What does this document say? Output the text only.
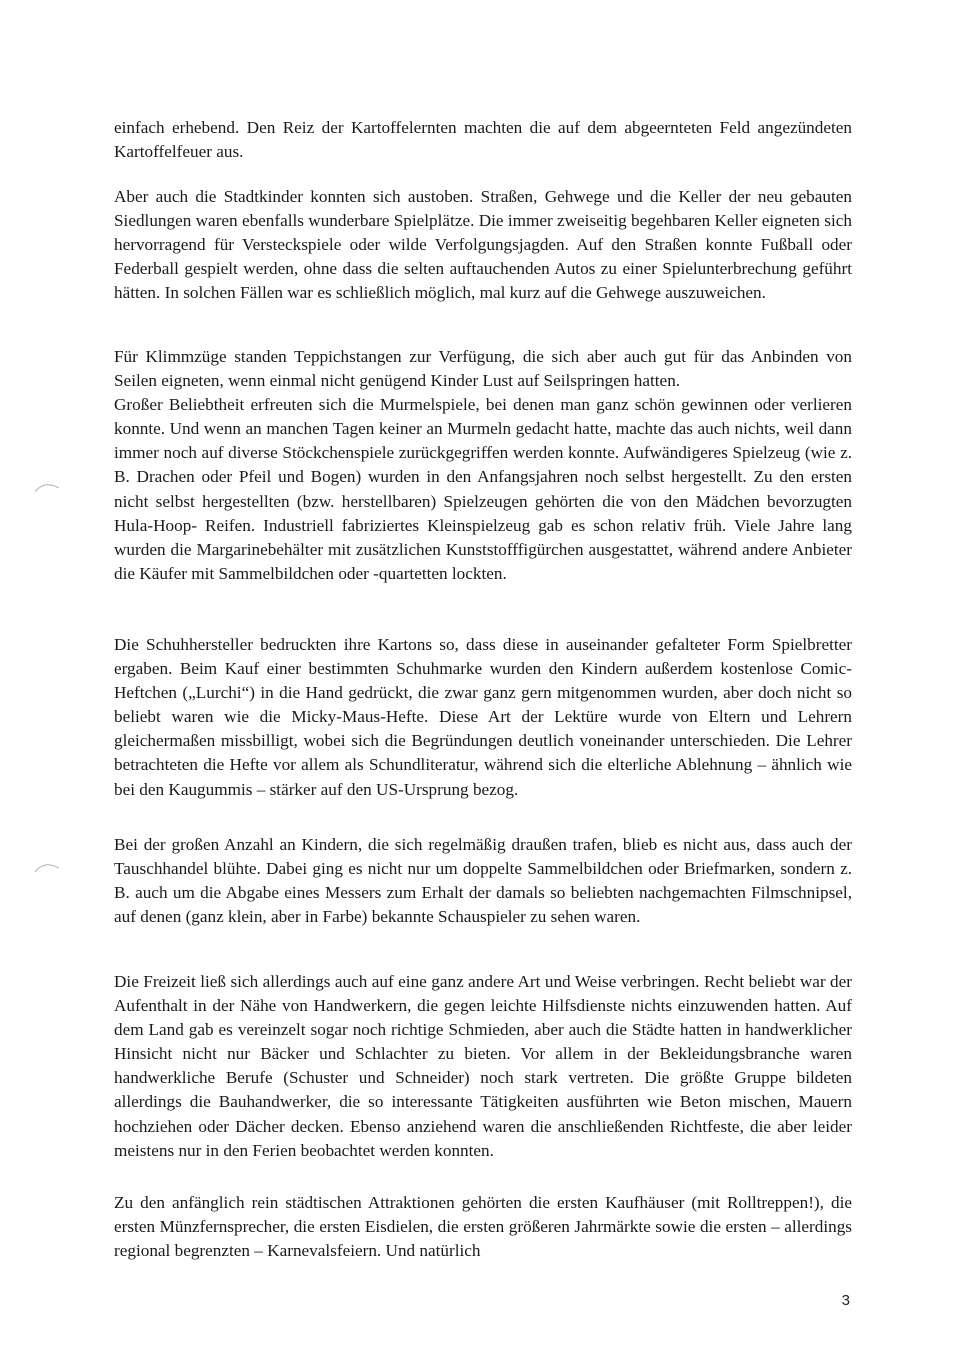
einfach erhebend. Den Reiz der Kartoffelernten machten die auf dem abgeernteten Feld angezündeten Kartoffelfeuer aus.

Aber auch die Stadtkinder konnten sich austoben. Straßen, Gehwege und die Keller der neu gebauten Siedlungen waren ebenfalls wunderbare Spielplätze. Die immer zweiseitig begehbaren Keller eigneten sich hervorragend für Versteckspiele oder wilde Verfolgungsjagden. Auf den Straßen konnte Fußball oder Federball gespielt werden, ohne dass die selten auftauchenden Autos zu einer Spielunterbrechung geführt hätten. In solchen Fällen war es schließlich möglich, mal kurz auf die Gehwege auszuweichen.

Für Klimmzüge standen Teppichstangen zur Verfügung, die sich aber auch gut für das Anbinden von Seilen eigneten, wenn einmal nicht genügend Kinder Lust auf Seilspringen hatten.

Großer Beliebtheit erfreuten sich die Murmelspiele, bei denen man ganz schön gewinnen oder verlieren konnte. Und wenn an manchen Tagen keiner an Murmeln gedacht hatte, machte das auch nichts, weil dann immer noch auf diverse Stöckchenspiele zurückgegriffen werden konnte. Aufwändigeres Spielzeug (wie z. B. Drachen oder Pfeil und Bogen) wurden in den Anfangsjahren noch selbst hergestellt. Zu den ersten nicht selbst hergestellten (bzw. herstellbaren) Spielzeugen gehörten die von den Mädchen bevorzugten Hula-Hoop- Reifen. Industriell fabriziertes Kleinspielzeug gab es schon relativ früh. Viele Jahre lang wurden die Margarinebehälter mit zusätzlichen Kunststofffigürchen ausgestattet, während andere Anbieter die Käufer mit Sammelbildchen oder -quartetten lockten.

Die Schuhhersteller bedruckten ihre Kartons so, dass diese in auseinander gefalteter Form Spielbretter ergaben. Beim Kauf einer bestimmten Schuhmarke wurden den Kindern außerdem kostenlose Comic-Heftchen („Lurchi“) in die Hand gedrückt, die zwar ganz gern mitgenommen wurden, aber doch nicht so beliebt waren wie die Micky-Maus-Hefte. Diese Art der Lektüre wurde von Eltern und Lehrern gleichermaßen missbilligt, wobei sich die Begründungen deutlich voneinander unterschieden. Die Lehrer betrachteten die Hefte vor allem als Schundliteratur, während sich die elterliche Ablehnung – ähnlich wie bei den Kaugummis – stärker auf den US-Ursprung bezog.

Bei der großen Anzahl an Kindern, die sich regelmäßig draußen trafen, blieb es nicht aus, dass auch der Tauschhandel blühte. Dabei ging es nicht nur um doppelte Sammelbildchen oder Briefmarken, sondern z. B. auch um die Abgabe eines Messers zum Erhalt der damals so beliebten nachgemachten Filmschnipsel, auf denen (ganz klein, aber in Farbe) bekannte Schauspieler zu sehen waren.

Die Freizeit ließ sich allerdings auch auf eine ganz andere Art und Weise verbringen. Recht beliebt war der Aufenthalt in der Nähe von Handwerkern, die gegen leichte Hilfsdienste nichts einzuwenden hatten. Auf dem Land gab es vereinzelt sogar noch richtige Schmieden, aber auch die Städte hatten in handwerklicher Hinsicht nicht nur Bäcker und Schlachter zu bieten. Vor allem in der Bekleidungsbranche waren handwerkliche Berufe (Schuster und Schneider) noch stark vertreten. Die größte Gruppe bildeten allerdings die Bauhandwerker, die so interessante Tätigkeiten ausführten wie Beton mischen, Mauern hochziehen oder Dächer decken. Ebenso anziehend waren die anschließenden Richtfeste, die aber leider meistens nur in den Ferien beobachtet werden konnten.

Zu den anfänglich rein städtischen Attraktionen gehörten die ersten Kaufhäuser (mit Rolltreppen!), die ersten Münzfernsprecher, die ersten Eisdielen, die ersten größeren Jahrmärkte sowie die ersten – allerdings regional begrenzten – Karnevalsfeiern. Und natürlich

3
